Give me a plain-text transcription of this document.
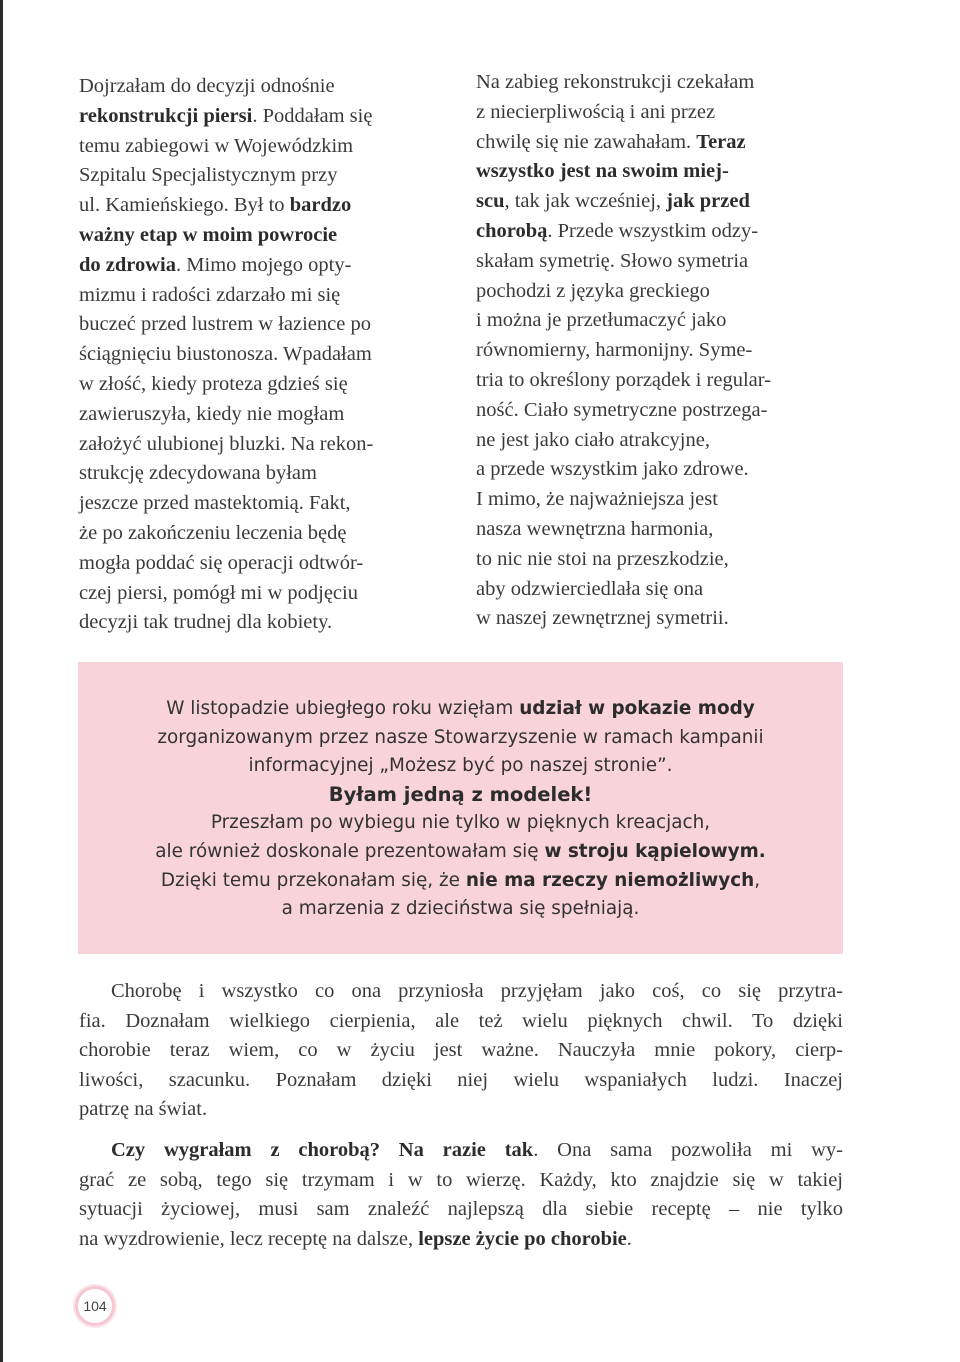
Dojrzałam do decyzji odnośnie
rekonstrukcji piersi. Poddałam się
temu zabiegowi w Wojewódzkim
Szpitalu Specjalistycznym przy
ul. Kamieńskiego. Był to bardzo
ważny etap w moim powrocie
do zdrowia. Mimo mojego opty-
mizmu i radości zdarzało mi się
buczeć przed lustrem w łazience po
ściągnięciu biustonosza. Wpadałam
w złość, kiedy proteza gdzieś się
zawieruszyła, kiedy nie mogłam
założyć ulubionej bluzki. Na rekon-
strukcję zdecydowana byłam
jeszcze przed mastektomią. Fakt,
że po zakończeniu leczenia będę
mogła poddać się operacji odtwór-
czej piersi, pomógł mi w podjęciu
decyzji tak trudnej dla kobiety.
Na zabieg rekonstrukcji czekałam
z niecierpliwością i ani przez
chwilę się nie zawahałam. Teraz
wszystko jest na swoim miej-
scu, tak jak wcześniej, jak przed
chorobą. Przede wszystkim odzy-
skałam symetrię. Słowo symetria
pochodzi z języka greckiego
i można je przetłumaczyć jako
równomierny, harmonijny. Syme-
tria to określony porządek i regular-
ność. Ciało symetryczne postrzega-
ne jest jako ciało atrakcyjne,
a przede wszystkim jako zdrowe.
I mimo, że najważniejsza jest
nasza wewnętrzna harmonia,
to nic nie stoi na przeszkodzie,
aby odzwierciedlała się ona
w naszej zewnętrznej symetrii.
W listopadzie ubiegłego roku wzięłam udział w pokazie mody
zorganizowanym przez nasze Stowarzyszenie w ramach kampanii
informacyjnej „Możesz być po naszej stronie”.
Byłam jedną z modelek!
Przeszłam po wybiegu nie tylko w pięknych kreacjach,
ale również doskonale prezentowałam się w stroju kąpielowym.
Dzięki temu przekonałam się, że nie ma rzeczy niemożliwych,
a marzenia z dzieciństwa się spełniają.
Chorobę i wszystko co ona przyniosła przyjęłam jako coś, co się przytra-
fia. Doznałam wielkiego cierpienia, ale też wielu pięknych chwil. To dzięki
chorobie teraz wiem, co w życiu jest ważne. Nauczyła mnie pokory, cierp-
liwości, szacunku. Poznałam dzięki niej wielu wspaniałych ludzi. Inaczej
patrzę na świat.
Czy wygrałam z chorobą? Na razie tak. Ona sama pozwoliła mi wy-
grać ze sobą, tego się trzymam i w to wierzę. Każdy, kto znajdzie się w takiej
sytuacji życiowej, musi sam znaleźć najlepszą dla siebie receptę – nie tylko
na wyzdrowienie, lecz receptę na dalsze, lepsze życie po chorobie.
104
